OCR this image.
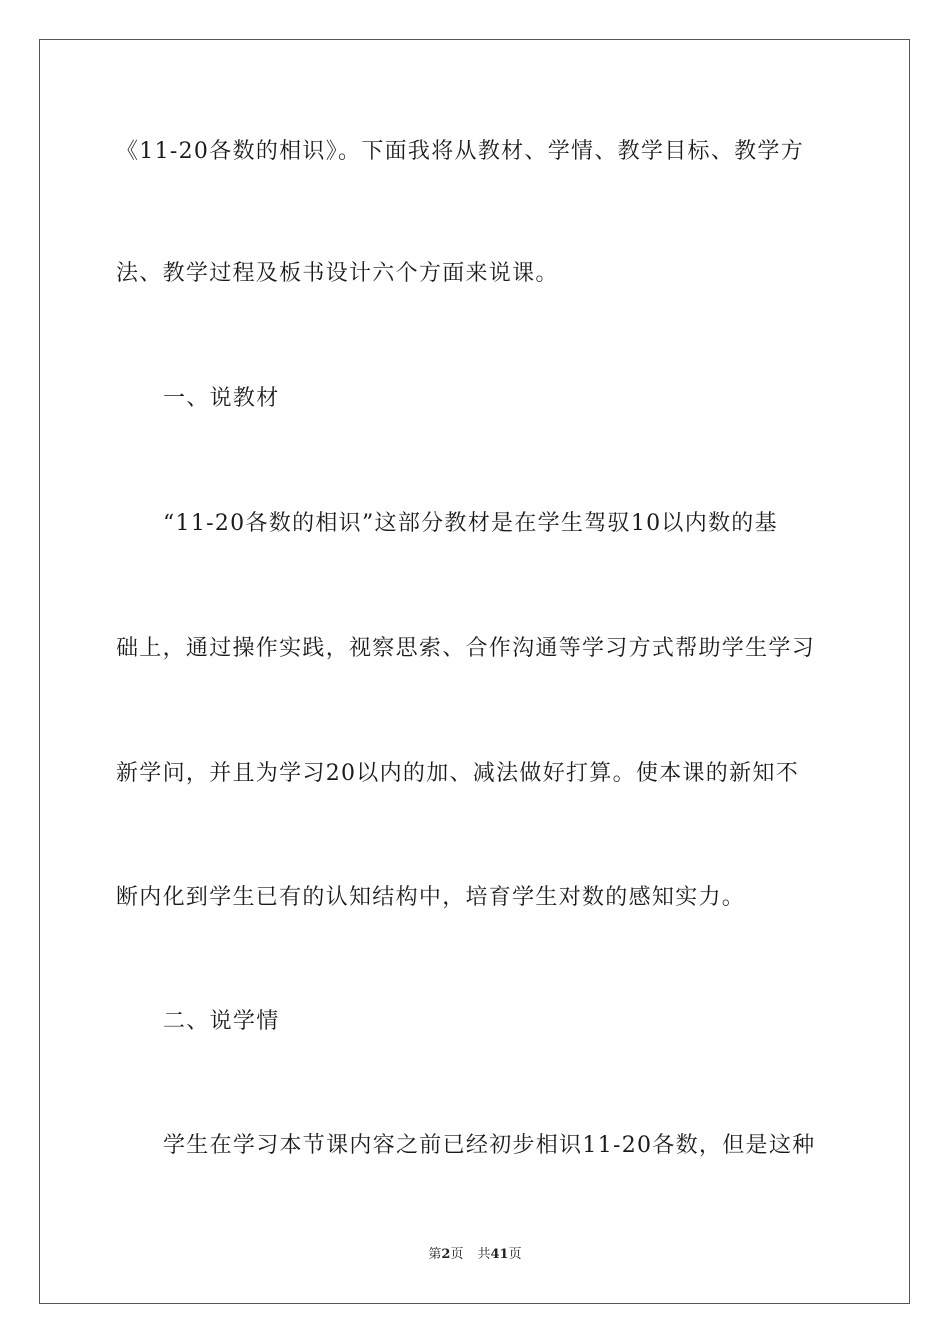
《11-20各数的相识》。下面我将从教材、学情、教学目标、教学方
法、教学过程及板书设计六个方面来说课。
一、说教材
“11-20各数的相识”这部分教材是在学生驾驭10以内数的基
础上，通过操作实践，视察思索、合作沟通等学习方式帮助学生学习
新学问，并且为学习20以内的加、减法做好打算。使本课的新知不
断内化到学生已有的认知结构中，培育学生对数的感知实力。
二、说学情
学生在学习本节课内容之前已经初步相识11-20各数，但是这种
第2页 共41页
